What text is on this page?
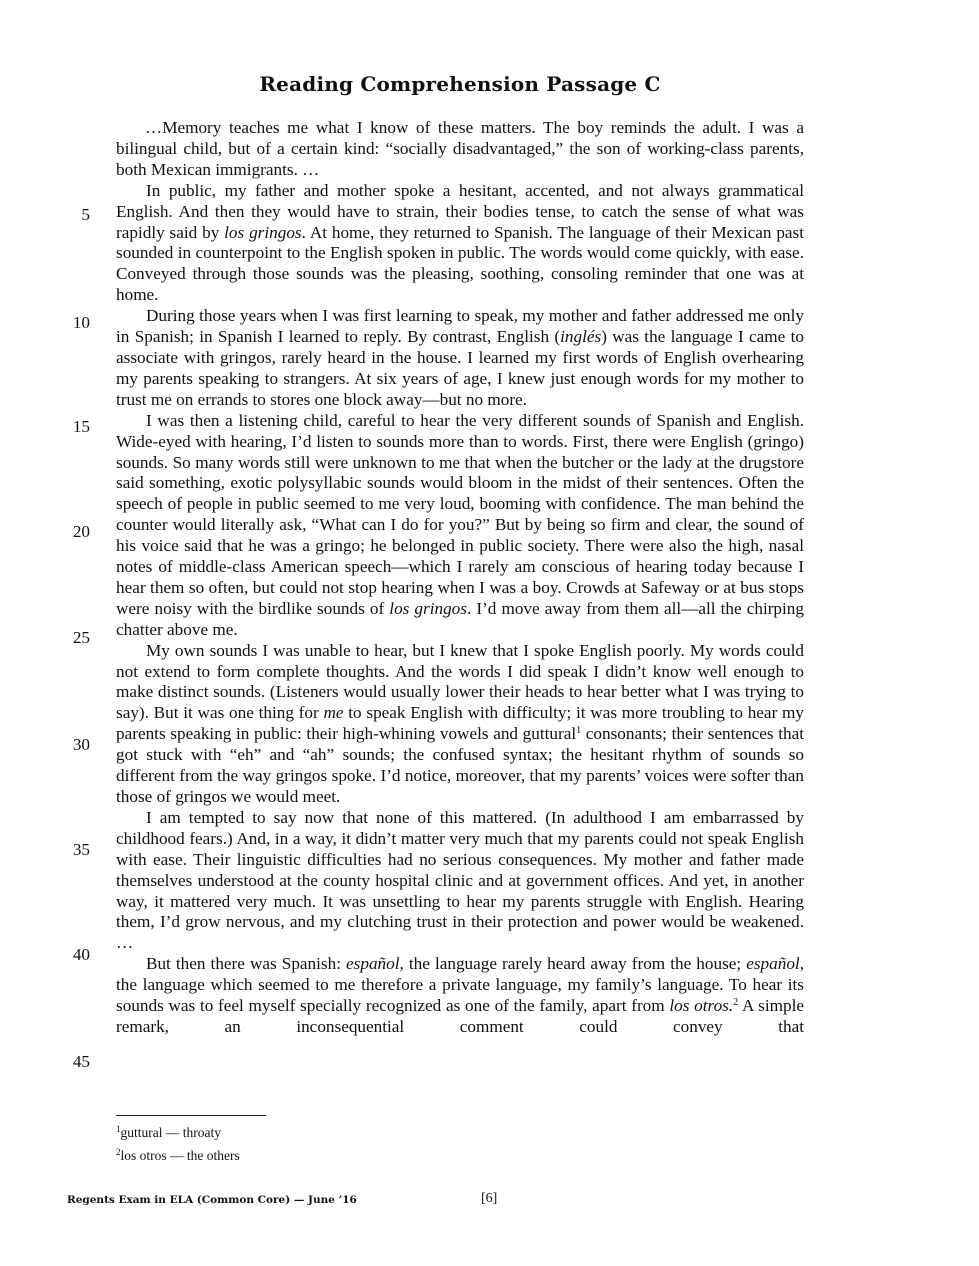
Reading Comprehension Passage C
5
10
15
20
25
30
35
40
45

…Memory teaches me what I know of these matters. The boy reminds the adult. I was a bilingual child, but of a certain kind: “socially disadvantaged,” the son of working-class parents, both Mexican immigrants. …

In public, my father and mother spoke a hesitant, accented, and not always grammatical English. And then they would have to strain, their bodies tense, to catch the sense of what was rapidly said by los gringos. At home, they returned to Spanish. The language of their Mexican past sounded in counterpoint to the English spoken in public. The words would come quickly, with ease. Conveyed through those sounds was the pleasing, soothing, consoling reminder that one was at home.

During those years when I was first learning to speak, my mother and father addressed me only in Spanish; in Spanish I learned to reply. By contrast, English (inglés) was the language I came to associate with gringos, rarely heard in the house. I learned my first words of English overhearing my parents speaking to strangers. At six years of age, I knew just enough words for my mother to trust me on errands to stores one block away—but no more.

I was then a listening child, careful to hear the very different sounds of Spanish and English. Wide-eyed with hearing, I’d listen to sounds more than to words. First, there were English (gringo) sounds. So many words still were unknown to me that when the butcher or the lady at the drugstore said something, exotic polysyllabic sounds would bloom in the midst of their sentences. Often the speech of people in public seemed to me very loud, booming with confidence. The man behind the counter would literally ask, “What can I do for you?” But by being so firm and clear, the sound of his voice said that he was a gringo; he belonged in public society. There were also the high, nasal notes of middle-class American speech—which I rarely am conscious of hearing today because I hear them so often, but could not stop hearing when I was a boy. Crowds at Safeway or at bus stops were noisy with the birdlike sounds of los gringos. I’d move away from them all—all the chirping chatter above me.

My own sounds I was unable to hear, but I knew that I spoke English poorly. My words could not extend to form complete thoughts. And the words I did speak I didn’t know well enough to make distinct sounds. (Listeners would usually lower their heads to hear better what I was trying to say). But it was one thing for me to speak English with difficulty; it was more troubling to hear my parents speaking in public: their high-whining vowels and guttural$^1$ consonants; their sentences that got stuck with “eh” and “ah” sounds; the confused syntax; the hesitant rhythm of sounds so different from the way gringos spoke. I’d notice, moreover, that my parents’ voices were softer than those of gringos we would meet.

I am tempted to say now that none of this mattered. (In adulthood I am embarrassed by childhood fears.) And, in a way, it didn’t matter very much that my parents could not speak English with ease. Their linguistic difficulties had no serious consequences. My mother and father made themselves understood at the county hospital clinic and at government offices. And yet, in another way, it mattered very much. It was unsettling to hear my parents struggle with English. Hearing them, I’d grow nervous, and my clutching trust in their protection and power would be weakened. …

But then there was Spanish: español, the language rarely heard away from the house; español, the language which seemed to me therefore a private language, my family’s language. To hear its sounds was to feel myself specially recognized as one of the family, apart from los otros.$^2$ A simple remark, an inconsequential comment could convey that

$^1$guttural — throaty
$^2$los otros — the others
Regents Exam in ELA (Common Core) — June ’16	[6]
